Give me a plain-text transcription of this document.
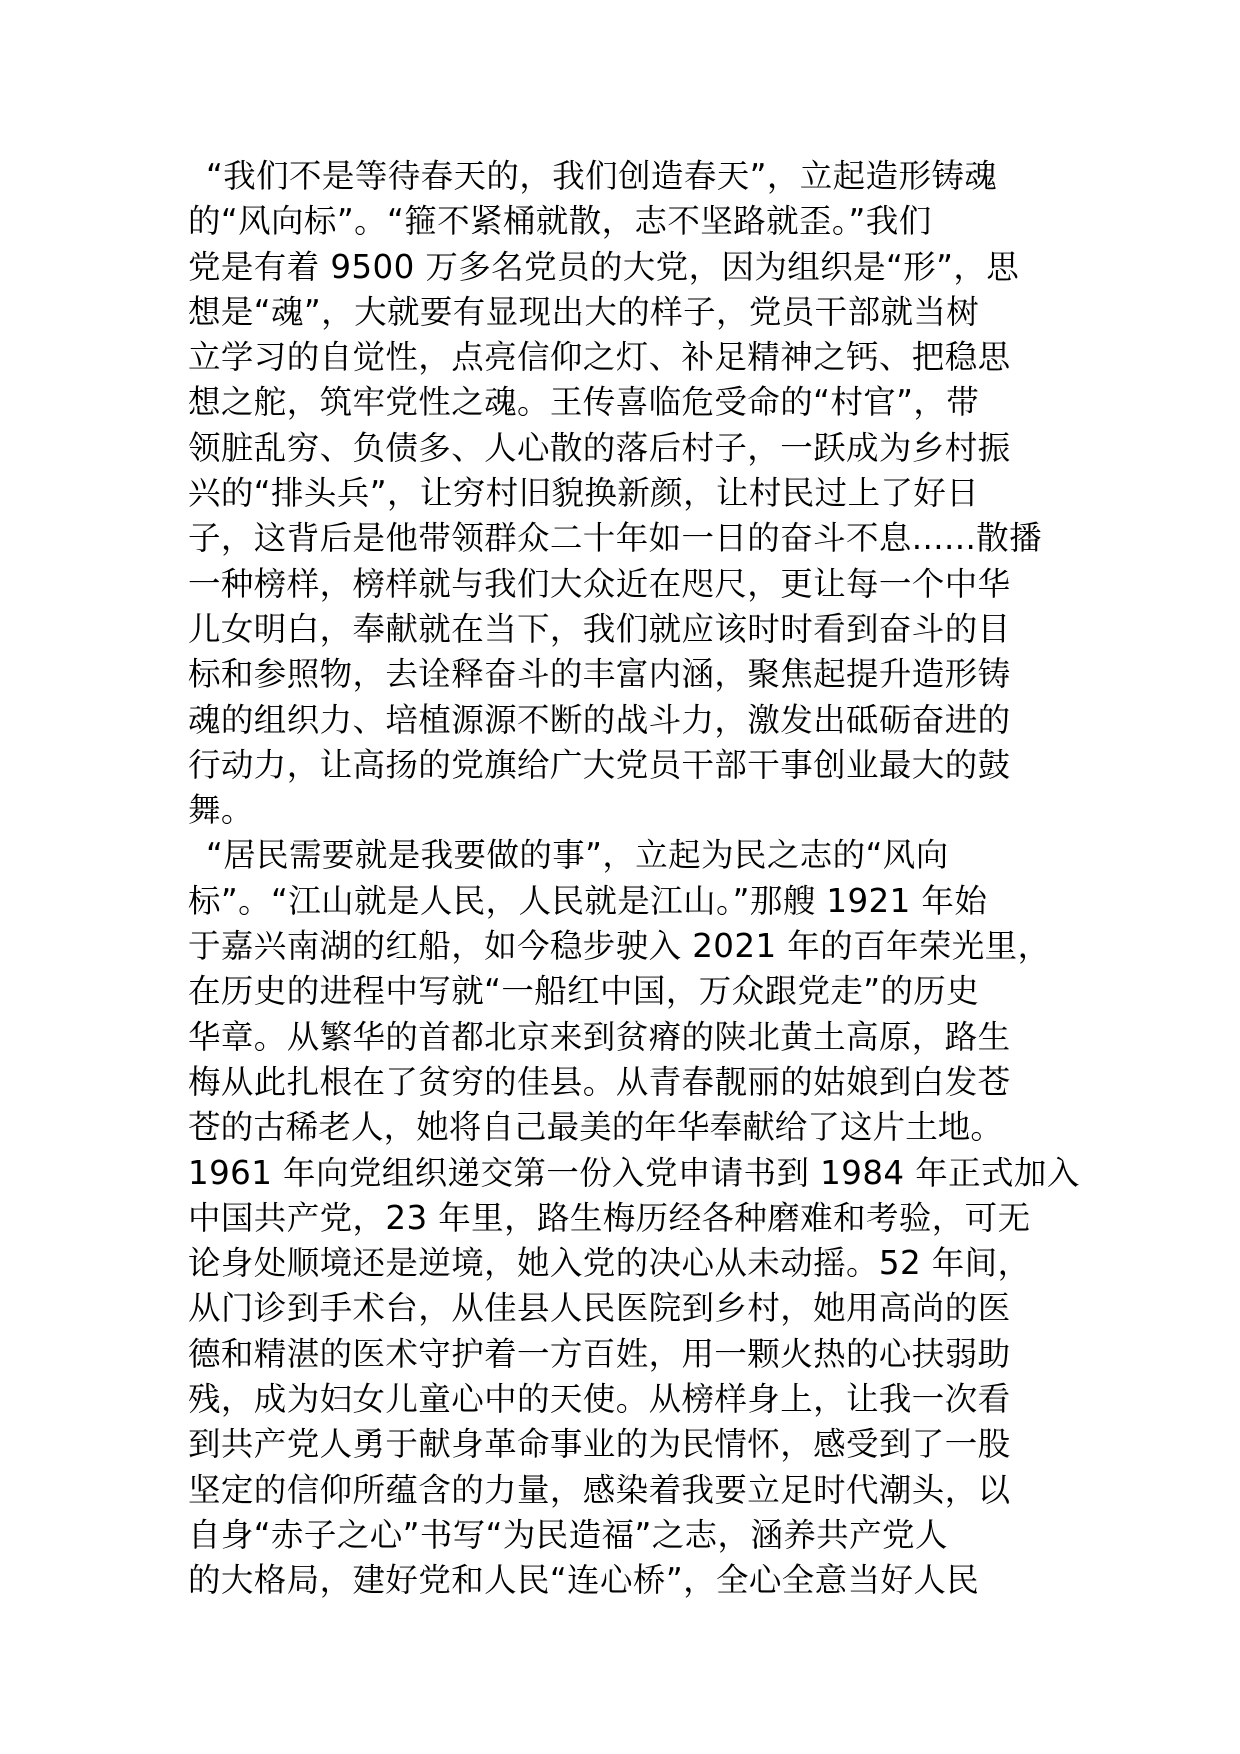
“我们不是等待春天的，我们创造春天”，立起造形铸魂
的“风向标”。“箍不紧桶就散，志不坚路就歪。”我们
党是有着 9500 万多名党员的大党，因为组织是“形”，思
想是“魂”，大就要有显现出大的样子，党员干部就当树
立学习的自觉性，点亮信仰之灯、补足精神之钙、把稳思
想之舵，筑牢党性之魂。王传喜临危受命的“村官”，带
领脏乱穷、负债多、人心散的落后村子，一跃成为乡村振
兴的“排头兵”，让穷村旧貌换新颜，让村民过上了好日
子，这背后是他带领群众二十年如一日的奋斗不息......散播
一种榜样，榜样就与我们大众近在咫尺，更让每一个中华
儿女明白，奉献就在当下，我们就应该时时看到奋斗的目
标和参照物，去诠释奋斗的丰富内涵，聚焦起提升造形铸
魂的组织力、培植源源不断的战斗力，激发出砥砺奋进的
行动力，让高扬的党旗给广大党员干部干事创业最大的鼓
舞。
“居民需要就是我要做的事”，立起为民之志的“风向
标”。“江山就是人民，人民就是江山。”那艘 1921 年始
于嘉兴南湖的红船，如今稳步驶入 2021 年的百年荣光里，
在历史的进程中写就“一船红中国，万众跟党走”的历史
华章。从繁华的首都北京来到贫瘠的陕北黄土高原，路生
梅从此扎根在了贫穷的佳县。从青春靓丽的姑娘到白发苍
苍的古稀老人，她将自己最美的年华奉献给了这片土地。
1961 年向党组织递交第一份入党申请书到 1984 年正式加入
中国共产党，23 年里，路生梅历经各种磨难和考验，可无
论身处顺境还是逆境，她入党的决心从未动摇。52 年间，
从门诊到手术台，从佳县人民医院到乡村，她用高尚的医
德和精湛的医术守护着一方百姓，用一颗火热的心扶弱助
残，成为妇女儿童心中的天使。从榜样身上，让我一次看
到共产党人勇于献身革命事业的为民情怀，感受到了一股
坚定的信仰所蕴含的力量，感染着我要立足时代潮头，以
自身“赤子之心”书写“为民造福”之志，涵养共产党人
的大格局，建好党和人民“连心桥”，全心全意当好人民
